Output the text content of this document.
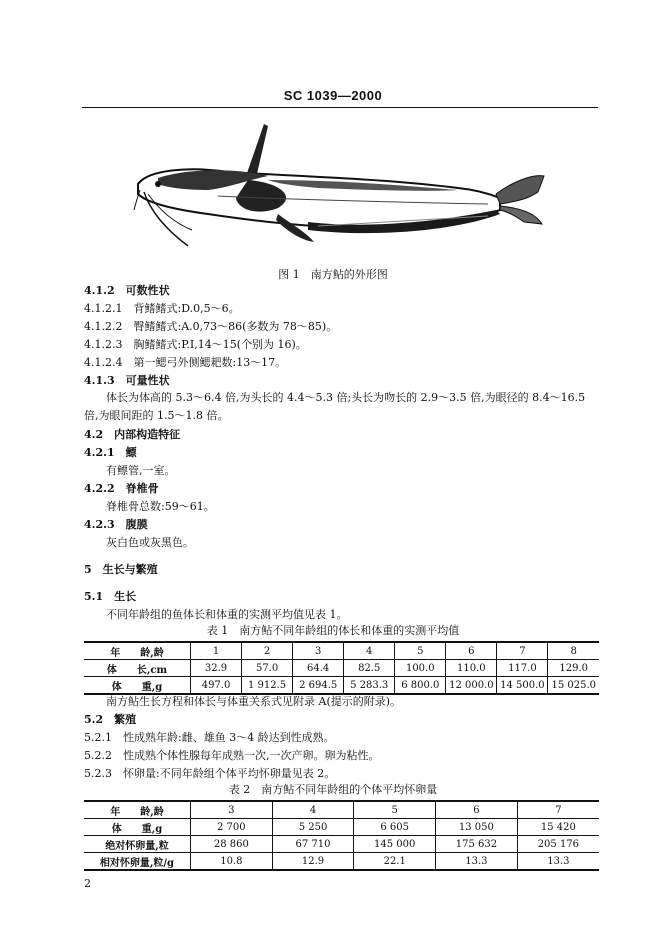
SC 1039—2000
图 1　南方鲇的外形图
4.1.2　可数性状
4.1.2.1　背鳍鳍式:D.0,5～6。
4.1.2.2　臀鳍鳍式:A.0,73～86(多数为 78～85)。
4.1.2.3　胸鳍鳍式:P.Ⅰ,14～15(个别为 16)。
4.1.2.4　第一鳃弓外侧鳃耙数:13～17。
4.1.3　可量性状
体长为体高的 5.3～6.4 倍,为头长的 4.4～5.3 倍;头长为吻长的 2.9～3.5 倍,为眼径的 8.4～16.5 倍,为眼间距的 1.5～1.8 倍。
4.2　内部构造特征
4.2.1　鳔
有鳔管,一室。
4.2.2　脊椎骨
脊椎骨总数:59～61。
4.2.3　腹膜
灰白色或灰黑色。
5　生长与繁殖
5.1　生长
不同年龄组的鱼体长和体重的实测平均值见表 1。
表 1　南方鲇不同年龄组的体长和体重的实测平均值
年　　龄,龄	1	2	3	4	5	6	7	8
体　　长,cm	32.9	57.0	64.4	82.5	100.0	110.0	117.0	129.0
体　　重,g	497.0	1 912.5	2 694.5	5 283.3	6 800.0	12 000.0	14 500.0	15 025.0
南方鲇生长方程和体长与体重关系式见附录 A(提示的附录)。
5.2　繁殖
5.2.1　性成熟年龄:雌、雄鱼 3～4 龄达到性成熟。
5.2.2　性成熟个体性腺每年成熟一次,一次产卵。卵为粘性。
5.2.3　怀卵量:不同年龄组个体平均怀卵量见表 2。
表 2　南方鲇不同年龄组的个体平均怀卵量
年　　龄,龄	3	4	5	6	7
体　　重,g	2 700	5 250	6 605	13 050	15 420
绝对怀卵量,粒	28 860	67 710	145 000	175 632	205 176
相对怀卵量,粒/g	10.8	12.9	22.1	13.3	13.3
2
